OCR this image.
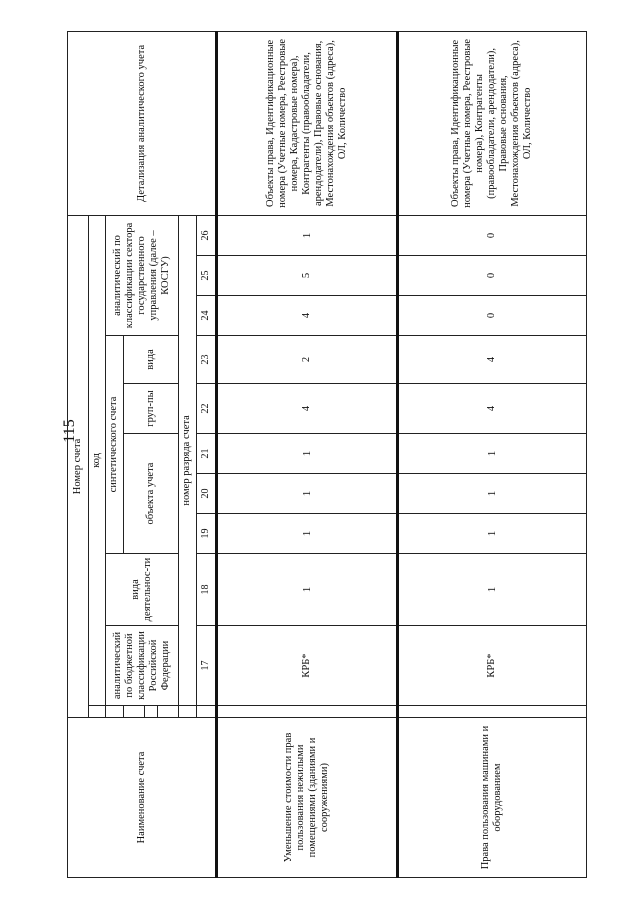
115
Наименование счета	Номер счета											Детализация аналитического учета
		код										
		аналитический по бюджетной классификации Российской Федерации	вида деятельнос-ти	синтетического счета					аналитический по классификации сектора государственного управления (далее – КОСГУ)			
				объекта учета			груп-пы	вида				

		номер разряда счета										
		17	18	19	20	21	22	23	24	25	26	
Уменьшение стоимости прав пользования нежилыми помещениями (зданиями и сооружениями)		КРБ*	1	1	1	1	4	2	4	5	1	Объекты права, Идентификационные номера (Учетные номера, Реестровые номера, Кадастровые номера), Контрагенты (правообладатели, арендодатели), Правовые основания, Местонахождения объектов (адреса), ОЛ, Количество
Права пользования машинами и оборудованием		КРБ*	1	1	1	1	4	4	0	0	0	Объекты права, Идентификационные номера (Учетные номера, Реестровые номера), Контрагенты (правообладатели, арендодатели), Правовые основания, Местонахождения объектов (адреса), ОЛ, Количество
